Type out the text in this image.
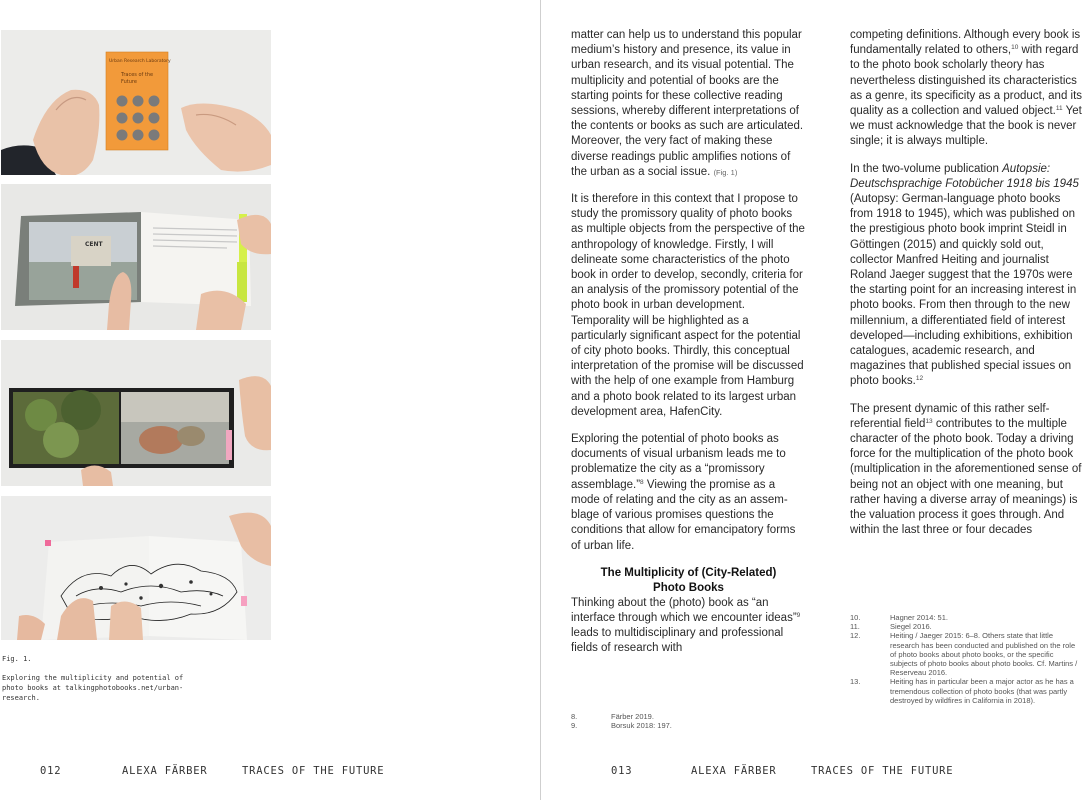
Urban Research Laboratory
Traces of the
Future
CENT
Fig. 1.
Exploring the multiplicity and potential of photo books at talkingphotobooks.net/urban-research.
012	ALEXA FÄRBER	TRACES OF THE FUTURE

matter can help us to understand this popular medium’s history and presence, its value in urban research, and its visual potential. The multiplicity and potential of books are the starting points for these collective reading sessions, whereby different interpretations of the contents or books as such are articulated. Moreover, the very fact of making these diverse readings public amplifies notions of the urban as a social issue. (Fig. 1)

It is therefore in this context that I propose to study the promissory quality of photo books as multiple objects from the perspective of the anthropology of knowledge. Firstly, I will delineate some characteristics of the photo book in order to develop, secondly, criteria for an analysis of the promissory potential of the photo book in urban development. Temporality will be highlighted as a particularly significant aspect for the potential of city photo books. Thirdly, this conceptual interpretation of the promise will be discussed with the help of one example from Hamburg and a photo book related to its largest urban development area, HafenCity.

Exploring the potential of photo books as documents of visual urbanism leads me to problematize the city as a “promissory assemblage.”$^8$ Viewing the promise as a mode of relating and the city as an assemblage of various promises questions the conditions that allow for emancipatory forms of urban life.

The Multiplicity of (City-Related) Photo Books

Thinking about the (photo) book as “an interface through which we encounter ideas”$^9$ leads to multidisciplinary and professional fields of research with

8.	Färber 2019.
9.	Borsuk 2018: 197.

competing definitions. Although every book is fundamentally related to others,$^{10}$ with regard to the photo book scholarly theory has nevertheless distinguished its characteristics as a genre, its specificity as a product, and its quality as a collection and valued object.$^{11}$ Yet we must acknowledge that the book is never single; it is always multiple.

In the two-volume publication Autopsie: Deutschsprachige Fotobücher 1918 bis 1945 (Autopsy: German-language photo books from 1918 to 1945), which was published on the prestigious photo book imprint Steidl in Göttingen (2015) and quickly sold out, collector Manfred Heiting and journalist Roland Jaeger suggest that the 1970s were the starting point for an increasing interest in photo books. From then through to the new millennium, a differentiated field of interest developed—including exhibitions, exhibition catalogues, academic research, and magazines that published special issues on photo books.$^{12}$

The present dynamic of this rather self-referential field$^{13}$ contributes to the multiple character of the photo book. Today a driving force for the multiplication of the photo book (multiplication in the aforementioned sense of being not an object with one meaning, but rather having a diverse array of meanings) is the valuation process it goes through. And within the last three or four decades

10.	Hagner 2014: 51.
11.	Siegel 2016.
12.	Heiting / Jaeger 2015: 6–8. Others state that little research has been conducted and published on the role of photo books about photo books, or the specific subjects of photo books about photo books. Cf. Martins / Reserveau 2016.
13.	Heiting has in particular been a major actor as he has a tremendous collection of photo books (that was partly destroyed by wildfires in California in 2018).
013	ALEXA FÄRBER	TRACES OF THE FUTURE
